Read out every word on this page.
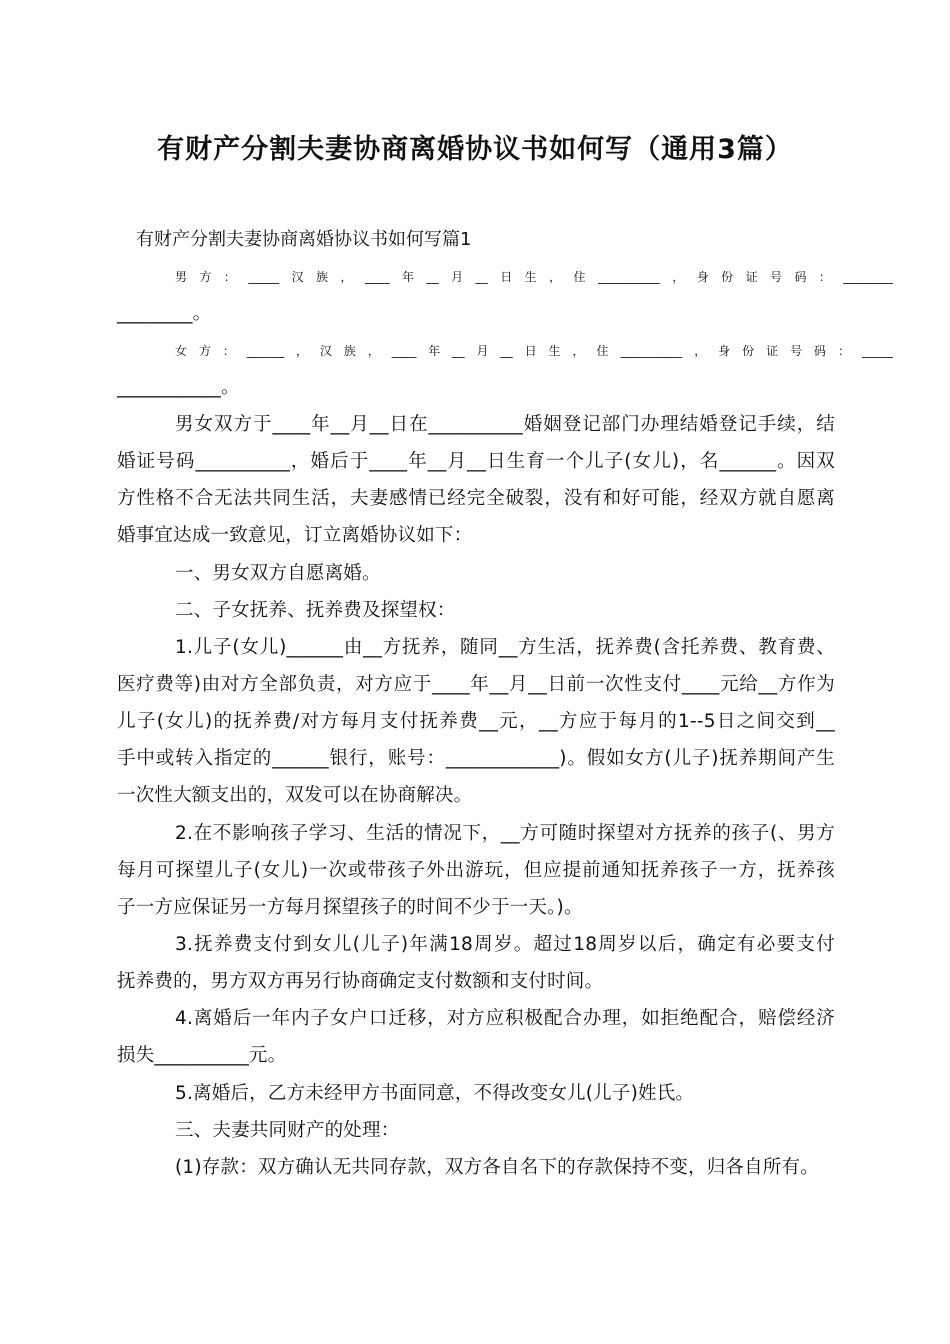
有财产分割夫妻协商离婚协议书如何写（通用3篇）
有财产分割夫妻协商离婚协议书如何写篇1
男方：_____汉族，____年__月__日生，住__________，身份证号码：________
________。
女方：______，汉族，____年__月__日生，住__________，身份证号码：_____
___________。
男女双方于____年__月__日在__________婚姻登记部门办理结婚登记手续，结
婚证号码__________，婚后于____年__月__日生育一个儿子(女儿)，名______。因双
方性格不合无法共同生活，夫妻感情已经完全破裂，没有和好可能，经双方就自愿离
婚事宜达成一致意见，订立离婚协议如下：
一、男女双方自愿离婚。
二、子女抚养、抚养费及探望权：
1.儿子(女儿)______由__方抚养，随同__方生活，抚养费(含托养费、教育费、
医疗费等)由对方全部负责，对方应于____年__月__日前一次性支付____元给__方作为
儿子(女儿)的抚养费/对方每月支付抚养费__元，__方应于每月的1--5日之间交到__
手中或转入指定的______银行，账号：____________)。假如女方(儿子)抚养期间产生
一次性大额支出的，双发可以在协商解决。
2.在不影响孩子学习、生活的情况下，__方可随时探望对方抚养的孩子(、男方
每月可探望儿子(女儿)一次或带孩子外出游玩，但应提前通知抚养孩子一方，抚养孩
子一方应保证另一方每月探望孩子的时间不少于一天。)。
3.抚养费支付到女儿(儿子)年满18周岁。超过18周岁以后，确定有必要支付
抚养费的，男方双方再另行协商确定支付数额和支付时间。
4.离婚后一年内子女户口迁移，对方应积极配合办理，如拒绝配合，赔偿经济
损失__________元。
5.离婚后，乙方未经甲方书面同意，不得改变女儿(儿子)姓氏。
三、夫妻共同财产的处理：
(1)存款：双方确认无共同存款，双方各自名下的存款保持不变，归各自所有。
